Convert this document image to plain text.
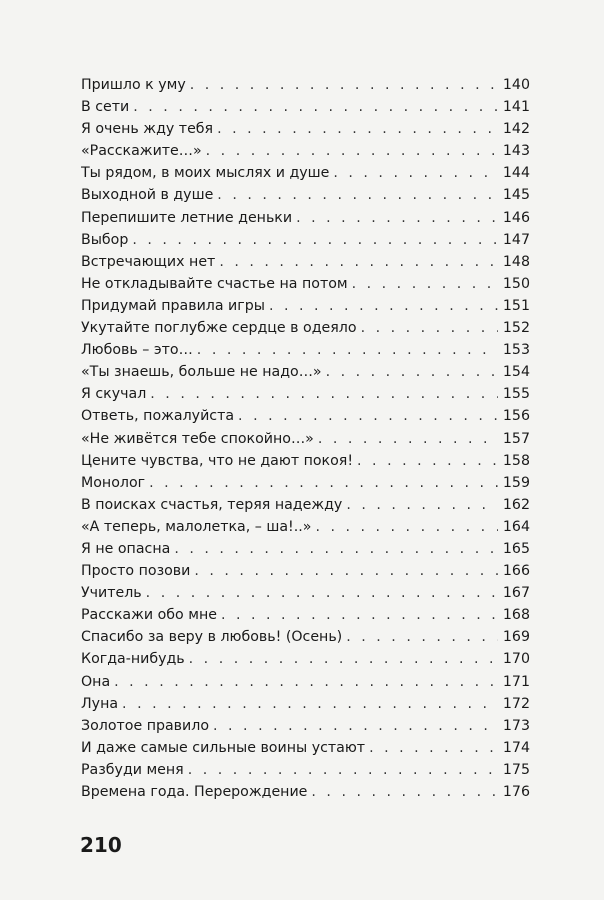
Пришло к уму . . .	140
В сети . . .	141
Я очень жду тебя . . .	142
«Расскажите…» . . .	143
Ты рядом, в моих мыслях и душе . . .	144
Выходной в душе . . .	145
Перепишите летние деньки . . .	146
Выбор . . .	147
Встречающих нет . . .	148
Не откладывайте счастье на потом . . .	150
Придумай правила игры . . .	151
Укутайте поглубже сердце в одеяло . . .	152
Любовь – это… . . .	153
«Ты знаешь, больше не надо…» . . .	154
Я скучал . . .	155
Ответь, пожалуйста . . .	156
«Не живётся тебе спокойно…» . . .	157
Цените чувства, что не дают покоя! . . .	158
Монолог . . .	159
В поисках счастья, теряя надежду . . .	162
«А теперь, малолетка, – ша!..» . . .	164
Я не опасна . . .	165
Просто позови . . .	166
Учитель . . .	167
Расскажи обо мне . . .	168
Спасибо за веру в любовь! (Осень) . . .	169
Когда-нибудь . . .	170
Она . . .	171
Луна . . .	172
Золотое правило . . .	173
И даже самые сильные воины устают . . .	174
Разбуди меня . . .	175
Времена года. Перерождение . . .	176
210
